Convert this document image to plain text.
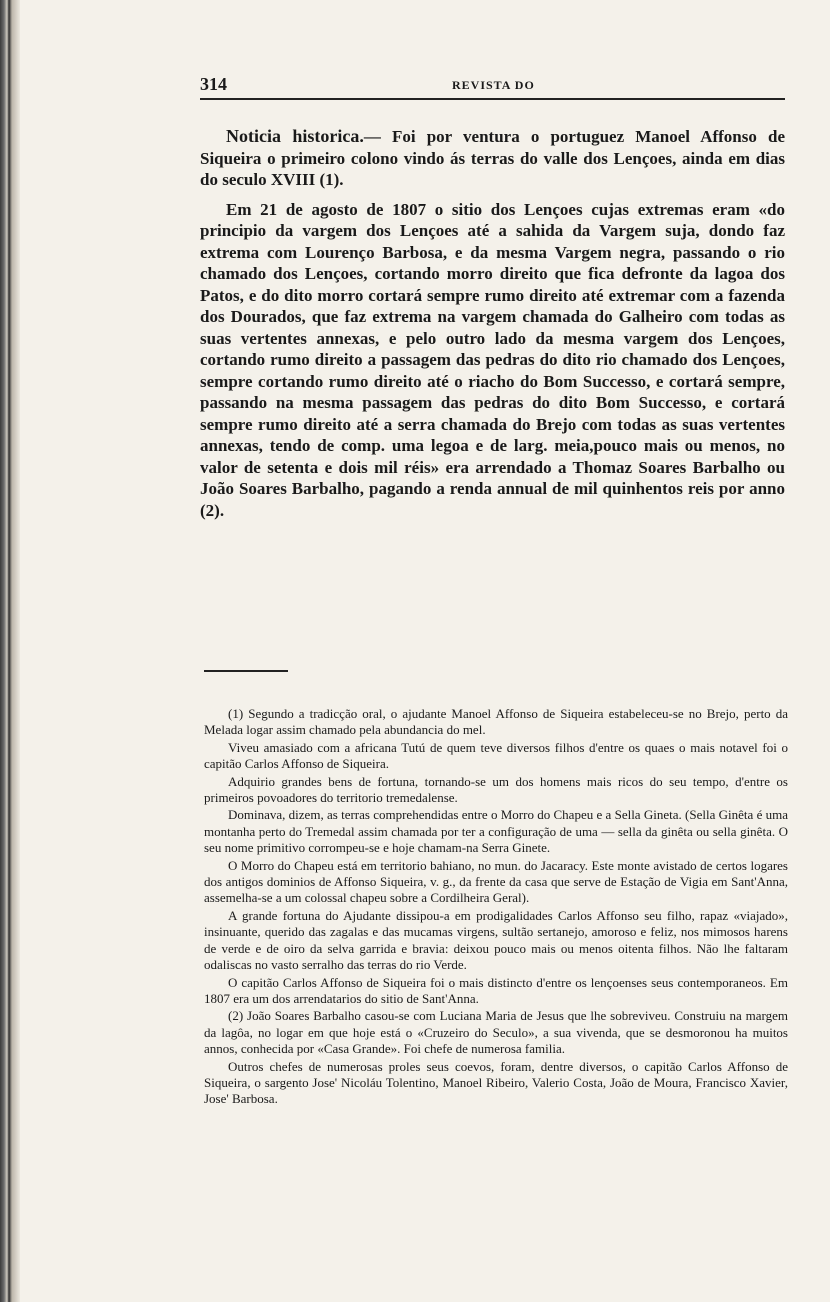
314	REVISTA DO

Noticia historica.— Foi por ventura o portuguez Manoel Affonso de Siqueira o primeiro colono vindo ás terras do valle dos Lençoes, ainda em dias do seculo XVIII (1).

Em 21 de agosto de 1807 o sitio dos Lençoes cujas extremas eram «do principio da vargem dos Lençoes até a sahida da Vargem suja, dondo faz extrema com Lourenço Barbosa, e da mesma Vargem negra, passando o rio chamado dos Lençoes, cortando morro direito que fica defronte da lagoa dos Patos, e do dito morro cortará sempre rumo direito até extremar com a fazenda dos Dourados, que faz extrema na vargem chamada do Galheiro com todas as suas vertentes annexas, e pelo outro lado da mesma vargem dos Lençoes, cortando rumo direito a passagem das pedras do dito rio chamado dos Lençoes, sempre cortando rumo direito até o riacho do Bom Successo, e cortará sempre, passando na mesma passagem das pedras do dito Bom Successo, e cortará sempre rumo direito até a serra chamada do Brejo com todas as suas vertentes annexas, tendo de comp. uma legoa e de larg. meia,pouco mais ou menos, no valor de setenta e dois mil réis» era arrendado a Thomaz Soares Barbalho ou João Soares Barbalho, pagando a renda annual de mil quinhentos reis por anno (2).

(1) Segundo a tradicção oral, o ajudante Manoel Affonso de Siqueira estabeleceu-se no Brejo, perto da Melada logar assim chamado pela abundancia do mel.

Viveu amasiado com a africana Tutú de quem teve diversos filhos d'entre os quaes o mais notavel foi o capitão Carlos Affonso de Siqueira.

Adquirio grandes bens de fortuna, tornando-se um dos homens mais ricos do seu tempo, d'entre os primeiros povoadores do territorio tremedalense.

Dominava, dizem, as terras comprehendidas entre o Morro do Chapeu e a Sella Gineta. (Sella Ginêta é uma montanha perto do Tremedal assim chamada por ter a configuração de uma — sella da ginêta ou sella ginêta. O seu nome primitivo corrompeu-se e hoje chamam-na Serra Ginete.

O Morro do Chapeu está em territorio bahiano, no mun. do Jacaracy. Este monte avistado de certos logares dos antigos dominios de Affonso Siqueira, v. g., da frente da casa que serve de Estação de Vigia em Sant'Anna, assemelha-se a um colossal chapeu sobre a Cordilheira Geral).

A grande fortuna do Ajudante dissipou-a em prodigalidades Carlos Affonso seu filho, rapaz «viajado», insinuante, querido das zagalas e das mucamas virgens, sultão sertanejo, amoroso e feliz, nos mimosos harens de verde e de oiro da selva garrida e bravia: deixou pouco mais ou menos oitenta filhos. Não lhe faltaram odaliscas no vasto serralho das terras do rio Verde.

O capitão Carlos Affonso de Siqueira foi o mais distincto d'entre os lençoenses seus contemporaneos. Em 1807 era um dos arrendatarios do sitio de Sant'Anna.

(2) João Soares Barbalho casou-se com Luciana Maria de Jesus que lhe sobreviveu. Construiu na margem da lagôa, no logar em que hoje está o «Cruzeiro do Seculo», a sua vivenda, que se desmoronou ha muitos annos, conhecida por «Casa Grande». Foi chefe de numerosa familia.

Outros chefes de numerosas proles seus coevos, foram, dentre diversos, o capitão Carlos Affonso de Siqueira, o sargento Jose' Nicoláu Tolentino, Manoel Ribeiro, Valerio Costa, João de Moura, Francisco Xavier, Jose' Barbosa.
